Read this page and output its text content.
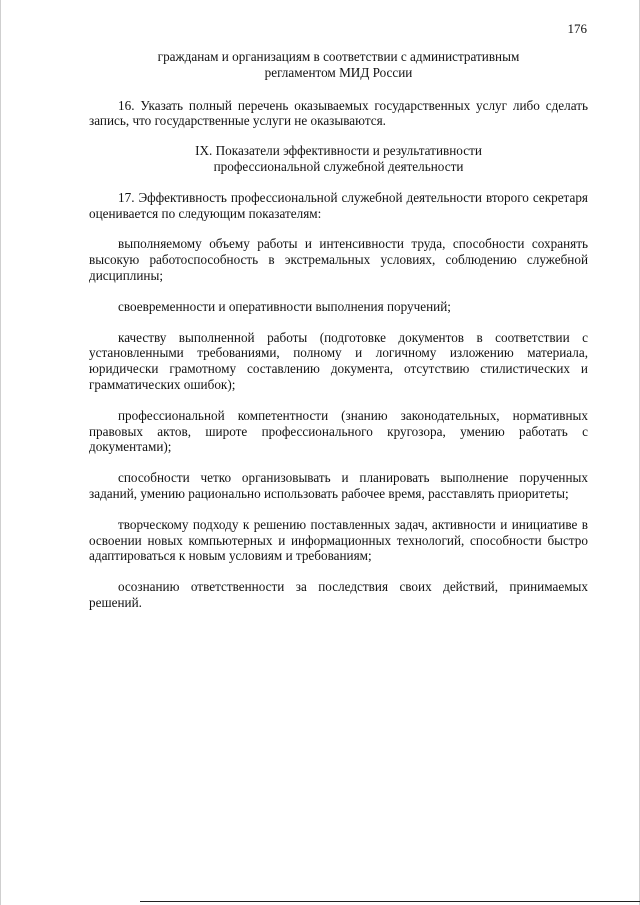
176

гражданам и организациям в соответствии с административным

регламентом МИД России

16. Указать полный перечень оказываемых государственных услуг либо сделать запись, что государственные услуги не оказываются.

IX. Показатели эффективности и результативности

профессиональной служебной деятельности

17. Эффективность профессиональной служебной деятельности второго секретаря оценивается по следующим показателям:

выполняемому объему работы и интенсивности труда, способности сохранять высокую работоспособность в экстремальных условиях, соблюдению служебной дисциплины;

своевременности и оперативности выполнения поручений;

качеству выполненной работы (подготовке документов в соответствии с установленными требованиями, полному и логичному изложению материала, юридически грамотному составлению документа, отсутствию стилистических и грамматических ошибок);

профессиональной компетентности (знанию законодательных, нормативных правовых актов, широте профессионального кругозора, умению работать с документами);

способности четко организовывать и планировать выполнение порученных заданий, умению рационально использовать рабочее время, расставлять приоритеты;

творческому подходу к решению поставленных задач, активности и инициативе в освоении новых компьютерных и информационных технологий, способности быстро адаптироваться к новым условиям и требованиям;

осознанию ответственности за последствия своих действий, принимаемых решений.
